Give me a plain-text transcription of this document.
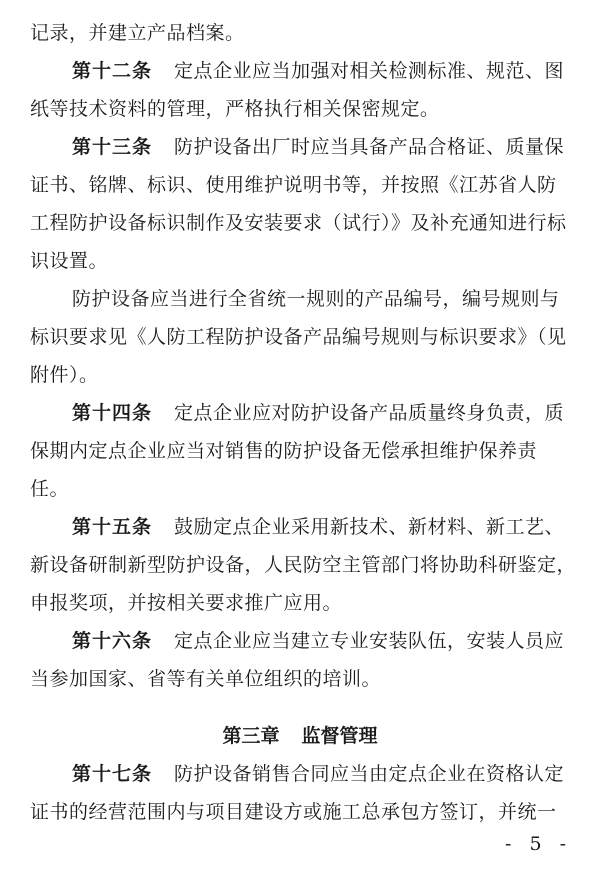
记录，并建立产品档案。
第十二条 定点企业应当加强对相关检测标准、规范、图
纸等技术资料的管理，严格执行相关保密规定。
第十三条 防护设备出厂时应当具备产品合格证、质量保
证书、铭牌、标识、使用维护说明书等，并按照《江苏省人防
工程防护设备标识制作及安装要求（试行）》及补充通知进行标
识设置。
防护设备应当进行全省统一规则的产品编号，编号规则与
标识要求见《人防工程防护设备产品编号规则与标识要求》（见
附件）。
第十四条 定点企业应对防护设备产品质量终身负责，质
保期内定点企业应当对销售的防护设备无偿承担维护保养责
任。
第十五条 鼓励定点企业采用新技术、新材料、新工艺、
新设备研制新型防护设备，人民防空主管部门将协助科研鉴定，
申报奖项，并按相关要求推广应用。
第十六条 定点企业应当建立专业安装队伍，安装人员应
当参加国家、省等有关单位组织的培训。
第三章 监督管理
第十七条 防护设备销售合同应当由定点企业在资格认定
证书的经营范围内与项目建设方或施工总承包方签订，并统一
- 5 -
